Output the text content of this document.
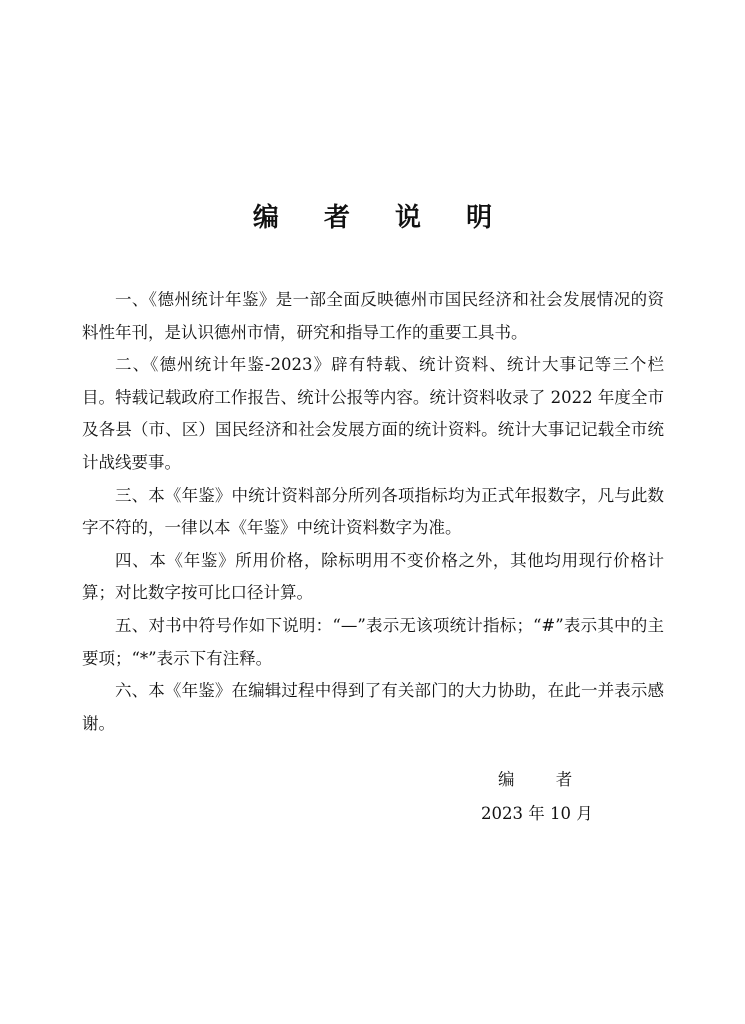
编 者 说 明

一、《德州统计年鉴》是一部全面反映德州市国民经济和社会发展情况的资料性年刊，是认识德州市情，研究和指导工作的重要工具书。

二、《德州统计年鉴-2023》辟有特载、统计资料、统计大事记等三个栏目。特载记载政府工作报告、统计公报等内容。统计资料收录了 2022 年度全市及各县（市、区）国民经济和社会发展方面的统计资料。统计大事记记载全市统计战线要事。

三、本《年鉴》中统计资料部分所列各项指标均为正式年报数字，凡与此数字不符的，一律以本《年鉴》中统计资料数字为准。

四、本《年鉴》所用价格，除标明用不变价格之外，其他均用现行价格计算；对比数字按可比口径计算。

五、对书中符号作如下说明：“—”表示无该项统计指标；“#”表示其中的主要项；“*”表示下有注释。

六、本《年鉴》在编辑过程中得到了有关部门的大力协助，在此一并表示感谢。

编 者
2023 年 10 月
